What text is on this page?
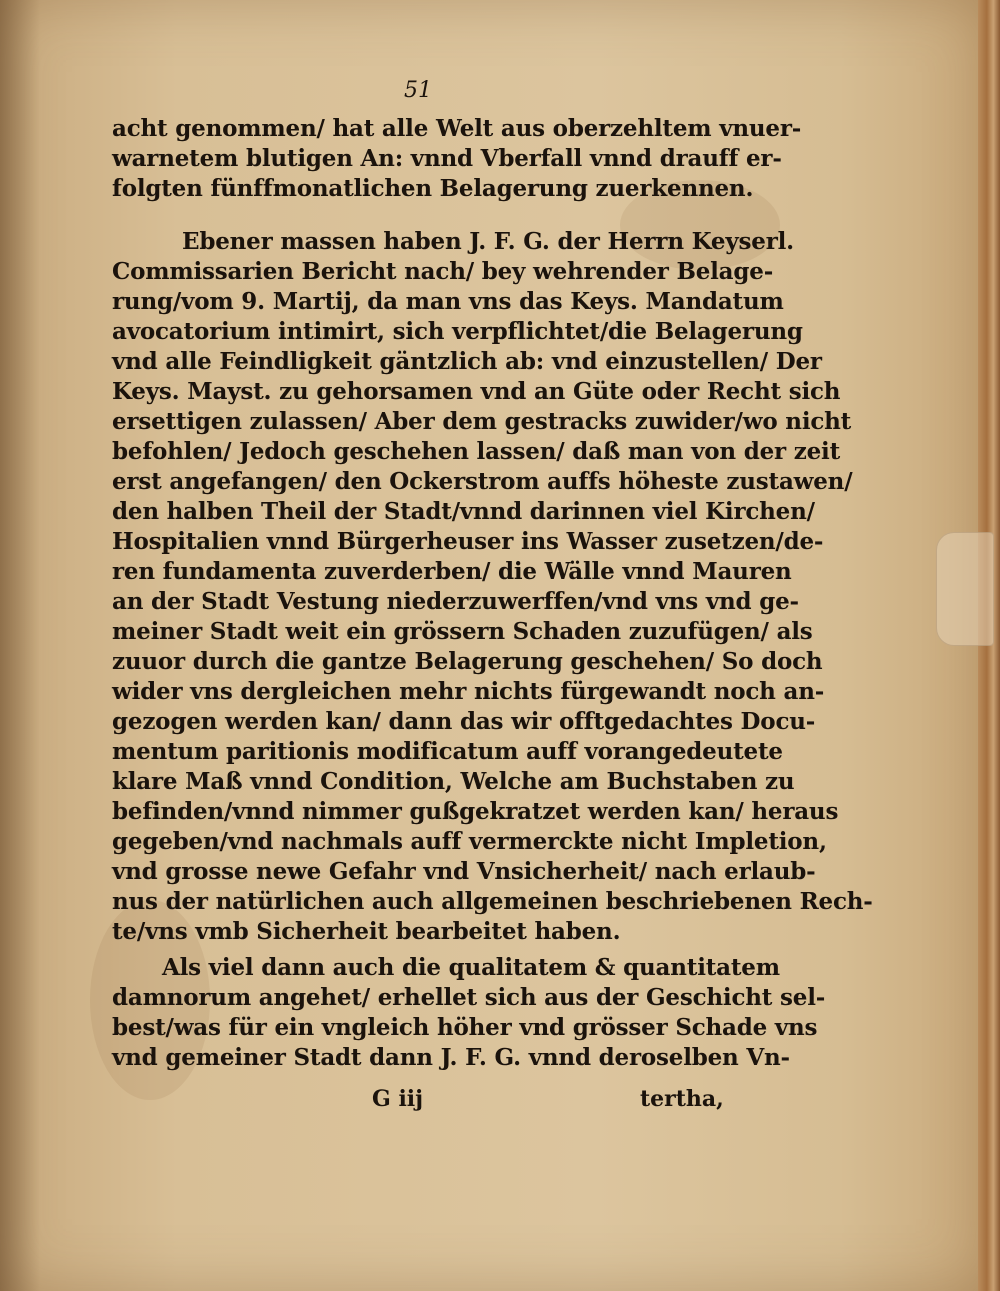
51
acht genommen/ hat alle Welt aus oberzehltem vnuer-
warnetem blutigen An: vnnd Vberfall vnnd drauff er-
folgten fünffmonatlichen Belagerung zuerkennen.
Ebener massen haben J. F. G. der Herrn Keyserl.
Commissarien Bericht nach/ bey wehrender Belage-
rung/vom 9. Martij, da man vns das Keys. Mandatum
avocatorium intimirt, sich verpflichtet/die Belagerung
vnd alle Feindligkeit gäntzlich ab: vnd einzustellen/ Der
Keys. Mayst. zu gehorsamen vnd an Güte oder Recht sich
ersettigen zulassen/ Aber dem gestracks zuwider/wo nicht
befohlen/ Jedoch geschehen lassen/ daß man von der zeit
erst angefangen/ den Ockerstrom auffs höheste zustawen/
den halben Theil der Stadt/vnnd darinnen viel Kirchen/
Hospitalien vnnd Bürgerheuser ins Wasser zusetzen/de-
ren fundamenta zuverderben/ die Wälle vnnd Mauren
an der Stadt Vestung niederzuwerffen/vnd vns vnd ge-
meiner Stadt weit ein grössern Schaden zuzufügen/ als
zuuor durch die gantze Belagerung geschehen/ So doch
wider vns dergleichen mehr nichts fürgewandt noch an-
gezogen werden kan/ dann das wir offtgedachtes Docu-
mentum paritionis modificatum auff vorangedeutete
klare Maß vnnd Condition, Welche am Buchstaben zu
befinden/vnnd nimmer gußgekratzet werden kan/ heraus
gegeben/vnd nachmals auff vermerckte nicht Impletion,
vnd grosse newe Gefahr vnd Vnsicherheit/ nach erlaub-
nus der natürlichen auch allgemeinen beschriebenen Rech-
te/vns vmb Sicherheit bearbeitet haben.
Als viel dann auch die qualitatem & quantitatem
damnorum angehet/ erhellet sich aus der Geschicht sel-
best/was für ein vngleich höher vnd grösser Schade vns
vnd gemeiner Stadt dann J. F. G. vnnd deroselben Vn-
G iij	tertha,
